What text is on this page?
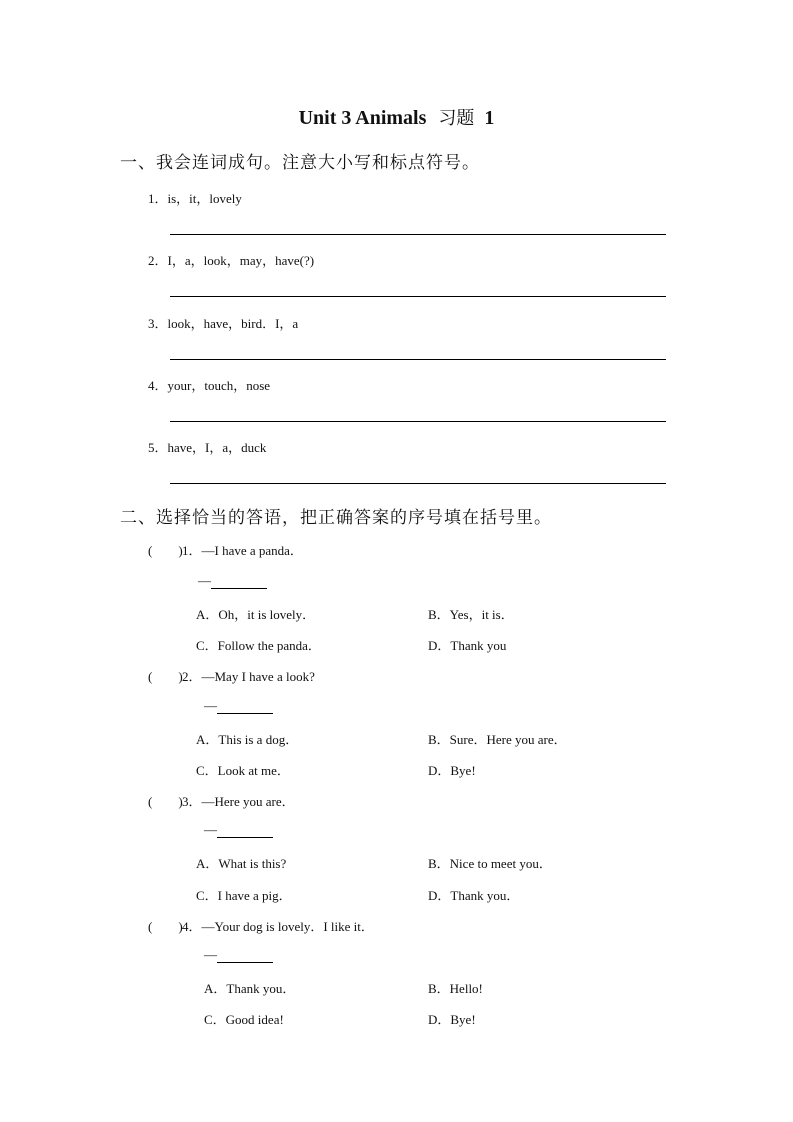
Unit 3 Animals 习题 1
一、我会连词成句。注意大小写和标点符号。
1．is，it，lovely
2．I，a，look，may，have(?)
3．look，have，bird．I，a
4．your，touch，nose
5．have，I，a，duck
二、选择恰当的答语，把正确答案的序号填在括号里。
(　　) 1．—I have a panda．
—
A．Oh，it is lovely．	B．Yes，it is．
C．Follow the panda．	D．Thank you
(　　) 2．—May I have a look?
—
A．This is a dog．	B．Sure．Here you are．
C．Look at me．	D．Bye!
(　　) 3．—Here you are．
—
A．What is this?	B．Nice to meet you．
C．I have a pig．	D．Thank you．
(　　) 4．—Your dog is lovely．I like it．
—
A．Thank you．	B．Hello!
C．Good idea!	D．Bye!
